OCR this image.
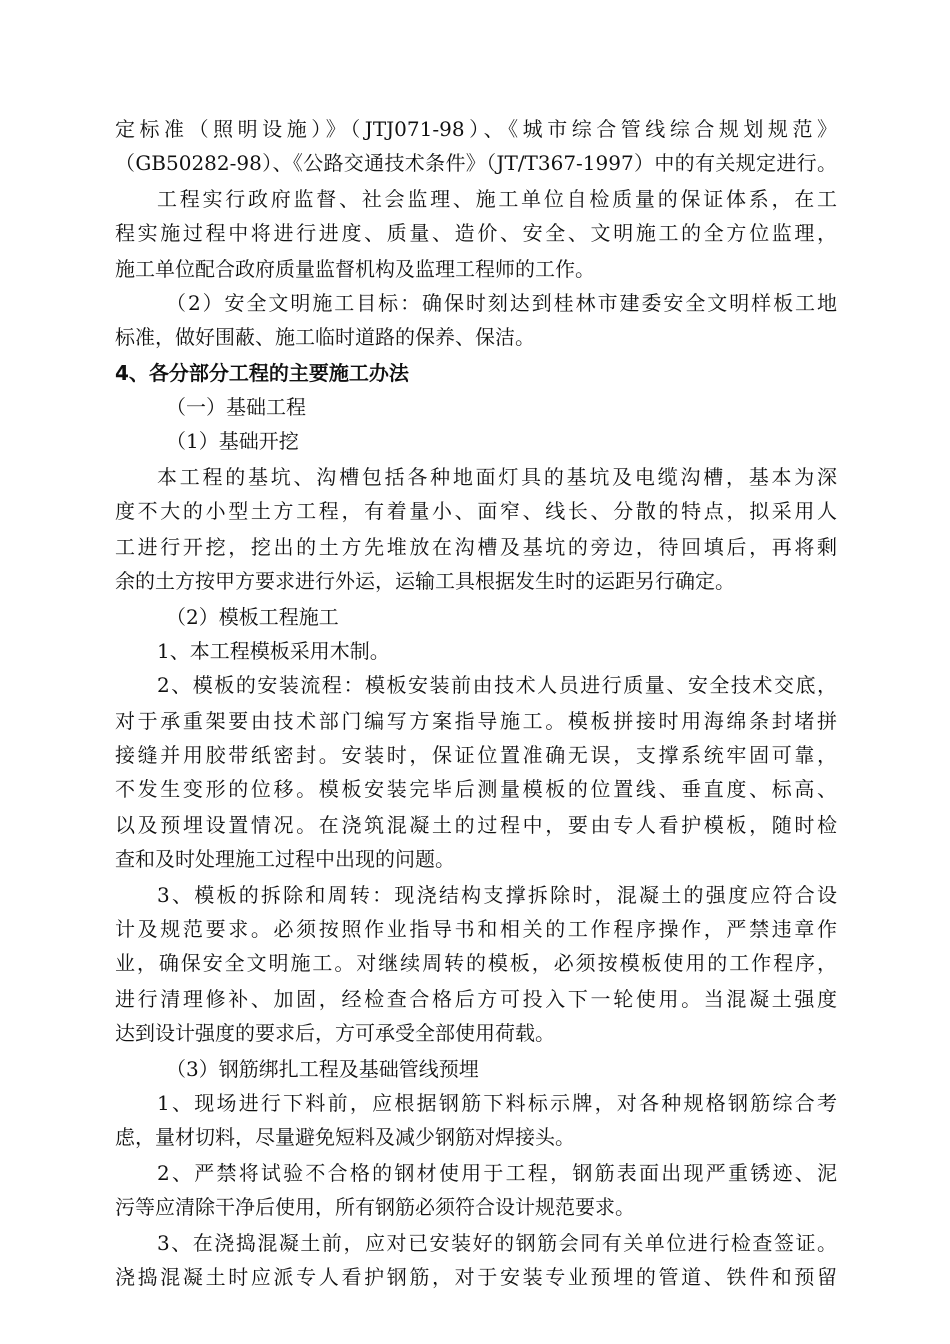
定标准（照明设施）》（JTJ071-98）、《城市综合管线综合规划规范》
（GB50282-98）、《公路交通技术条件》（JT/T367-1997）中的有关规定进行。
工程实行政府监督、社会监理、施工单位自检质量的保证体系，在工
程实施过程中将进行进度、质量、造价、安全、文明施工的全方位监理，
施工单位配合政府质量监督机构及监理工程师的工作。
（2）安全文明施工目标：确保时刻达到桂林市建委安全文明样板工地
标准，做好围蔽、施工临时道路的保养、保洁。
4、各分部分工程的主要施工办法
（一）基础工程
（1）基础开挖
本工程的基坑、沟槽包括各种地面灯具的基坑及电缆沟槽，基本为深
度不大的小型土方工程，有着量小、面窄、线长、分散的特点，拟采用人
工进行开挖，挖出的土方先堆放在沟槽及基坑的旁边，待回填后，再将剩
余的土方按甲方要求进行外运，运输工具根据发生时的运距另行确定。
（2）模板工程施工
1、本工程模板采用木制。
2、模板的安装流程：模板安装前由技术人员进行质量、安全技术交底，
对于承重架要由技术部门编写方案指导施工。模板拼接时用海绵条封堵拼
接缝并用胶带纸密封。安装时，保证位置准确无误，支撑系统牢固可靠，
不发生变形的位移。模板安装完毕后测量模板的位置线、垂直度、标高、
以及预埋设置情况。在浇筑混凝土的过程中，要由专人看护模板，随时检
查和及时处理施工过程中出现的问题。
3、模板的拆除和周转：现浇结构支撑拆除时，混凝土的强度应符合设
计及规范要求。必须按照作业指导书和相关的工作程序操作，严禁违章作
业，确保安全文明施工。对继续周转的模板，必须按模板使用的工作程序，
进行清理修补、加固，经检查合格后方可投入下一轮使用。当混凝土强度
达到设计强度的要求后，方可承受全部使用荷载。
（3）钢筋绑扎工程及基础管线预埋
1、现场进行下料前，应根据钢筋下料标示牌，对各种规格钢筋综合考
虑，量材切料，尽量避免短料及减少钢筋对焊接头。
2、严禁将试验不合格的钢材使用于工程，钢筋表面出现严重锈迹、泥
污等应清除干净后使用，所有钢筋必须符合设计规范要求。
3、在浇捣混凝土前，应对已安装好的钢筋会同有关单位进行检查签证。
浇捣混凝土时应派专人看护钢筋，对于安装专业预埋的管道、铁件和预留
